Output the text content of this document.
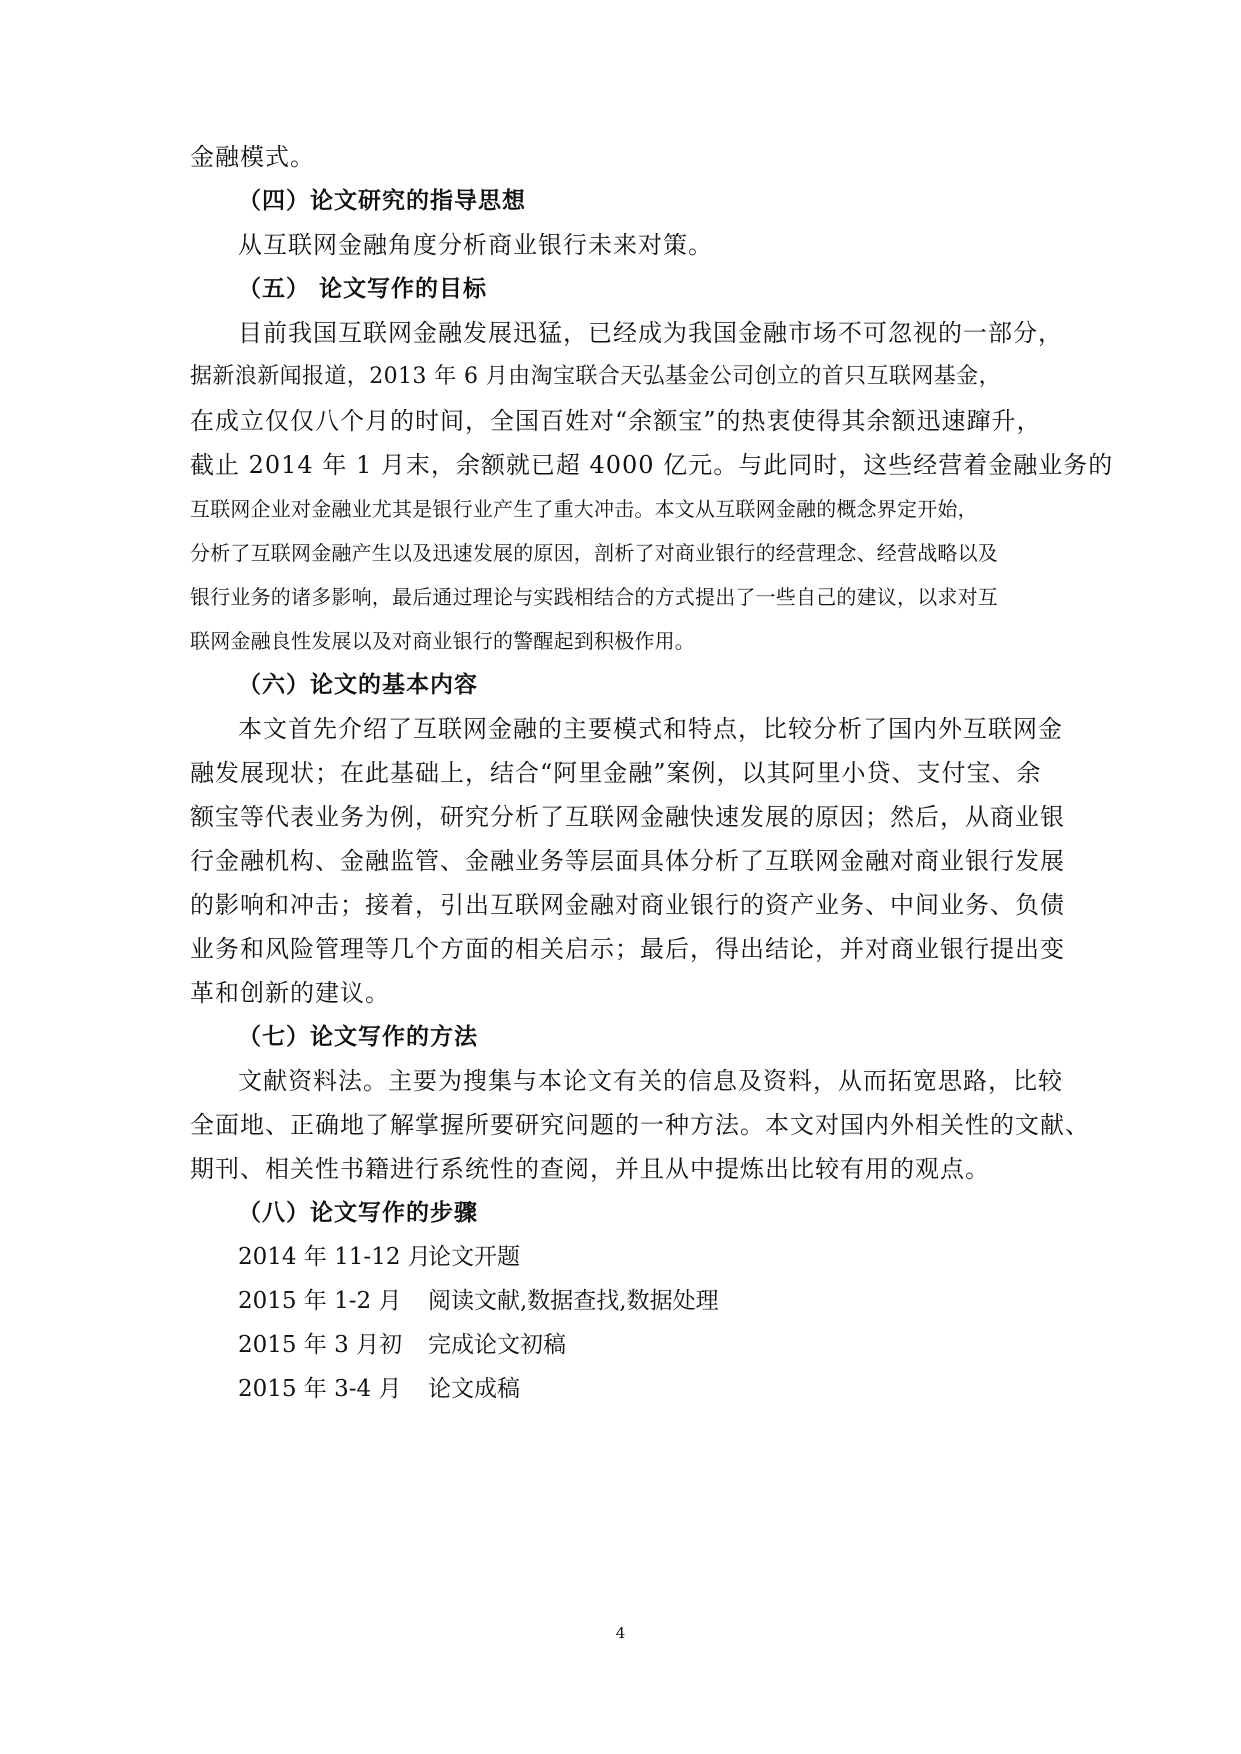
金融模式。
（四）论文研究的指导思想
从互联网金融角度分析商业银行未来对策。
（五） 论文写作的目标
目前我国互联网金融发展迅猛，已经成为我国金融市场不可忽视的一部分，
据新浪新闻报道，2013 年 6 月由淘宝联合天弘基金公司创立的首只互联网基金，
在成立仅仅八个月的时间，全国百姓对“余额宝”的热衷使得其余额迅速蹿升，
截止 2014 年 1 月末，余额就已超 4000 亿元。与此同时，这些经营着金融业务的
互联网企业对金融业尤其是银行业产生了重大冲击。本文从互联网金融的概念界定开始，
分析了互联网金融产生以及迅速发展的原因，剖析了对商业银行的经营理念、经营战略以及
银行业务的诸多影响，最后通过理论与实践相结合的方式提出了一些自己的建议，以求对互
联网金融良性发展以及对商业银行的警醒起到积极作用。
（六）论文的基本内容
本文首先介绍了互联网金融的主要模式和特点，比较分析了国内外互联网金
融发展现状；在此基础上，结合“阿里金融”案例，以其阿里小贷、支付宝、余
额宝等代表业务为例，研究分析了互联网金融快速发展的原因；然后，从商业银
行金融机构、金融监管、金融业务等层面具体分析了互联网金融对商业银行发展
的影响和冲击；接着，引出互联网金融对商业银行的资产业务、中间业务、负债
业务和风险管理等几个方面的相关启示；最后，得出结论，并对商业银行提出变
革和创新的建议。
（七）论文写作的方法
文献资料法。主要为搜集与本论文有关的信息及资料，从而拓宽思路，比较
全面地、正确地了解掌握所要研究问题的一种方法。本文对国内外相关性的文献、
期刊、相关性书籍进行系统性的查阅，并且从中提炼出比较有用的观点。
（八）论文写作的步骤
2014 年 11-12 月论文开题
2015 年 1-2 月 阅读文献,数据查找,数据处理
2015 年 3 月初 完成论文初稿
2015 年 3-4 月 论文成稿
4
